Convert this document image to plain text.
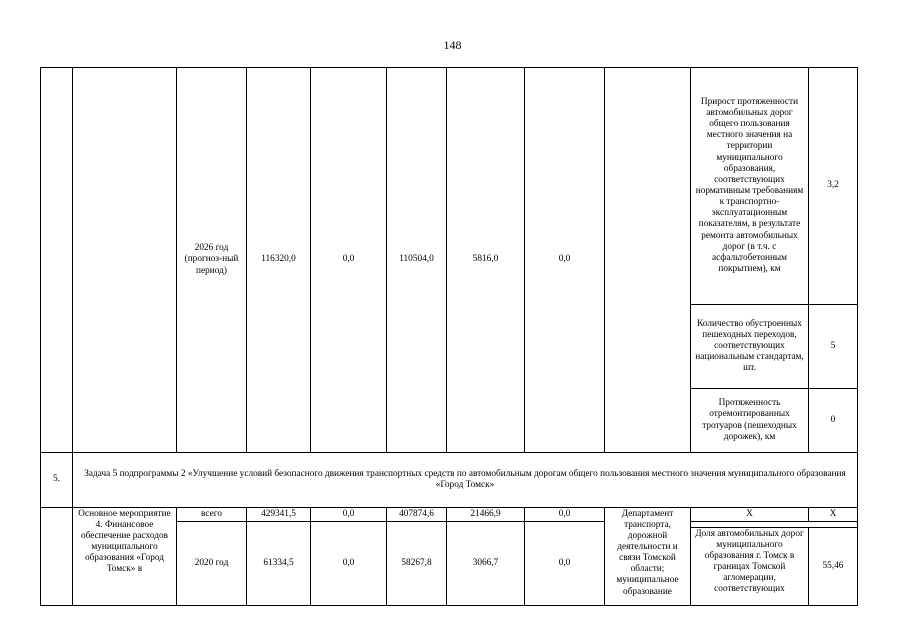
148
		2026 год (прогноз-ный период)	116320,0	0,0	110504,0	5816,0	0,0		Прирост протяженности автомобильных дорог общего пользования местного значения на территории муниципального образования, соответствующих нормативным требованиям к транспортно-эксплуатационным показателям, в результате ремонта автомобильных дорог (в т.ч. с асфальтобетонным покрытием), км	3,2
									Количество обустроенных пешеходных переходов, соответствующих национальным стандартам, шт.	5
									Протяженность отремонтированных тротуаров (пешеходных дорожек), км	0
5.	Задача 5 подпрограммы 2 «Улучшение условий безопасного движения транспортных средств по автомобильным дорогам общего пользования местного значения муниципального образования «Город Томск»									

	Основное мероприятие 4. Финансовое обеспечение расходов муниципального образования «Город Томск» в	всего	429341,5	0,0	407874,6	21466,9	0,0	Департамент транспорта, дорожной деятельности и связи Томской области; муниципальное образование	Х	Х
		2020 год	61334,5	0,0	58267,8	3066,7	0,0			

									Доля автомобильных дорог муниципального образования г. Томск в границах Томской агломерации, соответствующих	55,46
